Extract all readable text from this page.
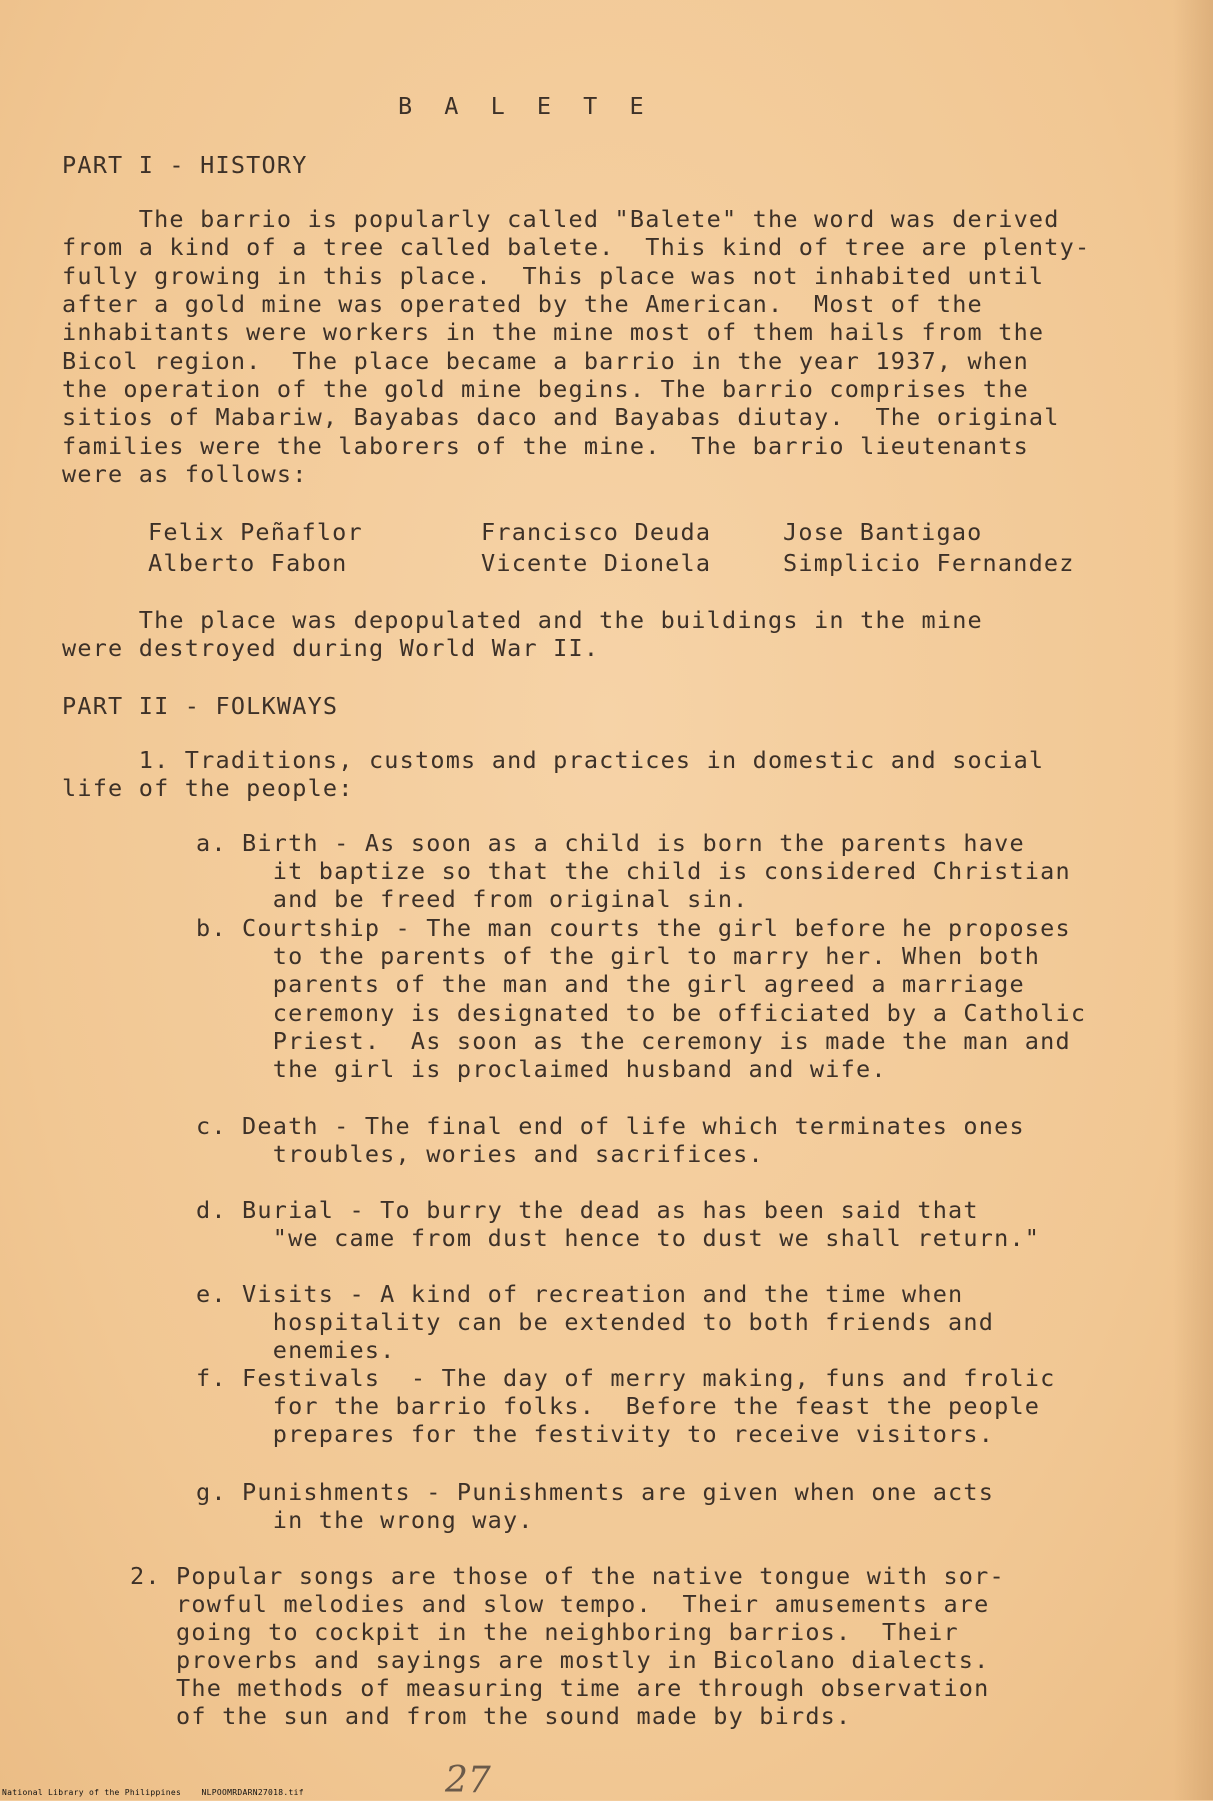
B A L E T E
PART I - HISTORY
The barrio is popularly called "Balete" the word was derived
from a kind of a tree called balete.  This kind of tree are plenty-
fully growing in this place.  This place was not inhabited until
after a gold mine was operated by the American.  Most of the
inhabitants were workers in the mine most of them hails from the
Bicol region.  The place became a barrio in the year 1937, when
the operation of the gold mine begins. The barrio comprises the
sitios of Mabariw, Bayabas daco and Bayabas diutay.  The original
families were the laborers of the mine.  The barrio lieutenants
were as follows:
Felix Peñaflor	Francisco Deuda	Jose Bantigao
Alberto Fabon	Vicente Dionela	Simplicio Fernandez
The place was depopulated and the buildings in the mine
were destroyed during World War II.
PART II - FOLKWAYS
1. Traditions, customs and practices in domestic and social
life of the people:
a. Birth - As soon as a child is born the parents have
it baptize so that the child is considered Christian
and be freed from original sin.
b. Courtship - The man courts the girl before he proposes
to the parents of the girl to marry her. When both
parents of the man and the girl agreed a marriage
ceremony is designated to be officiated by a Catholic
Priest.  As soon as the ceremony is made the man and
the girl is proclaimed husband and wife.
c. Death - The final end of life which terminates ones
troubles, wories and sacrifices.
d. Burial - To burry the dead as has been said that
"we came from dust hence to dust we shall return."
e. Visits - A kind of recreation and the time when
hospitality can be extended to both friends and
enemies.
f. Festivals  - The day of merry making, funs and frolic
for the barrio folks.  Before the feast the people
prepares for the festivity to receive visitors.
g. Punishments - Punishments are given when one acts
in the wrong way.
2. Popular songs are those of the native tongue with sor-
rowful melodies and slow tempo.  Their amusements are
going to cockpit in the neighboring barrios.  Their
proverbs and sayings are mostly in Bicolano dialects.
The methods of measuring time are through observation
of the sun and from the sound made by birds.
27
National Library of the Philippines    NLPOOMRDARN27018.tif
